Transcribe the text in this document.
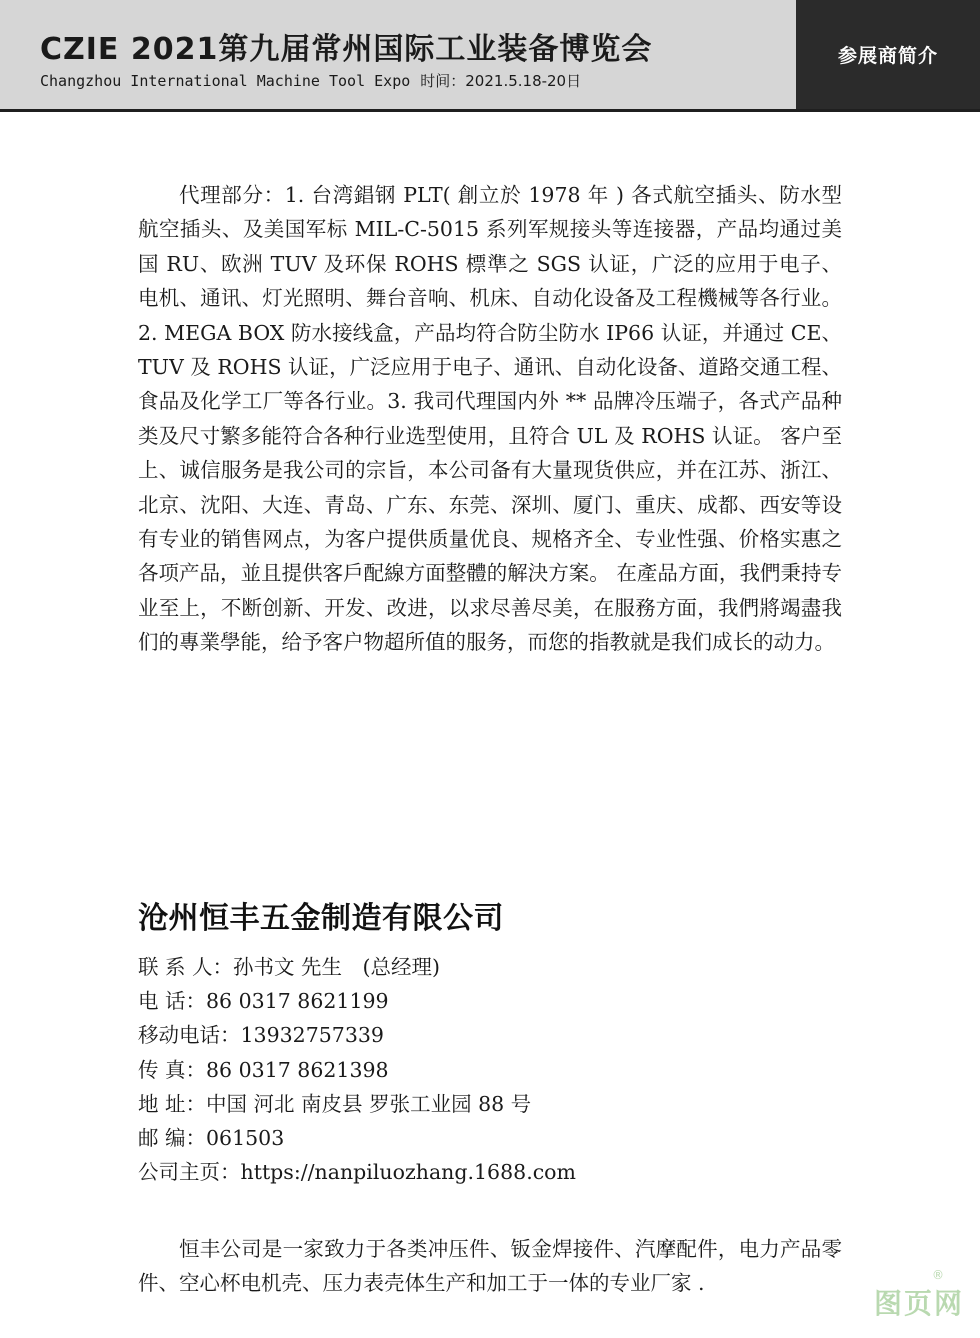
CZIE 2021第九届常州国际工业装备博览会
Changzhou International Machine Tool Expo 时间：2021.5.18-20日
参展商简介

代理部分：1. 台湾錩钢 PLT( 創立於 1978 年 ) 各式航空插头、防水型航空插头、及美国军标 MIL-C-5015 系列军规接头等连接器，产品均通过美国 RU、欧洲 TUV 及环保 ROHS 標準之 SGS 认证，广泛的应用于电子、电机、通讯、灯光照明、舞台音响、机床、自动化设备及工程機械等各行业。2. MEGA BOX 防水接线盒，产品均符合防尘防水 IP66 认证，并通过 CE、TUV 及 ROHS 认证，广泛应用于电子、通讯、自动化设备、道路交通工程、食品及化学工厂等各行业。3. 我司代理国内外 ** 品牌冷压端子，各式产品种类及尺寸繁多能符合各种行业选型使用，且符合 UL 及 ROHS 认证。 客户至上、诚信服务是我公司的宗旨，本公司备有大量现货供应，并在江苏、浙江、北京、沈阳、大连、青岛、广东、东莞、深圳、厦门、重庆、成都、西安等设有专业的销售网点，为客户提供质量优良、规格齐全、专业性强、价格实惠之各项产品，並且提供客戶配線方面整體的解決方案。 在產品方面，我們秉持专业至上，不断创新、开发、改进，以求尽善尽美，在服務方面，我們將竭盡我们的專業學能，给予客户物超所值的服务，而您的指教就是我们成长的动力。

沧州恒丰五金制造有限公司
联 系 人：孙书文 先生　(总经理)
电 话：86 0317 8621199
移动电话：13932757339
传 真：86 0317 8621398
地 址：中国 河北 南皮县 罗张工业园 88 号
邮 编：061503
公司主页：https://nanpiluozhang.1688.com

恒丰公司是一家致力于各类冲压件、钣金焊接件、汽摩配件，电力产品零件、空心杯电机壳、压力表壳体生产和加工于一体的专业厂家 .

图页网
®
